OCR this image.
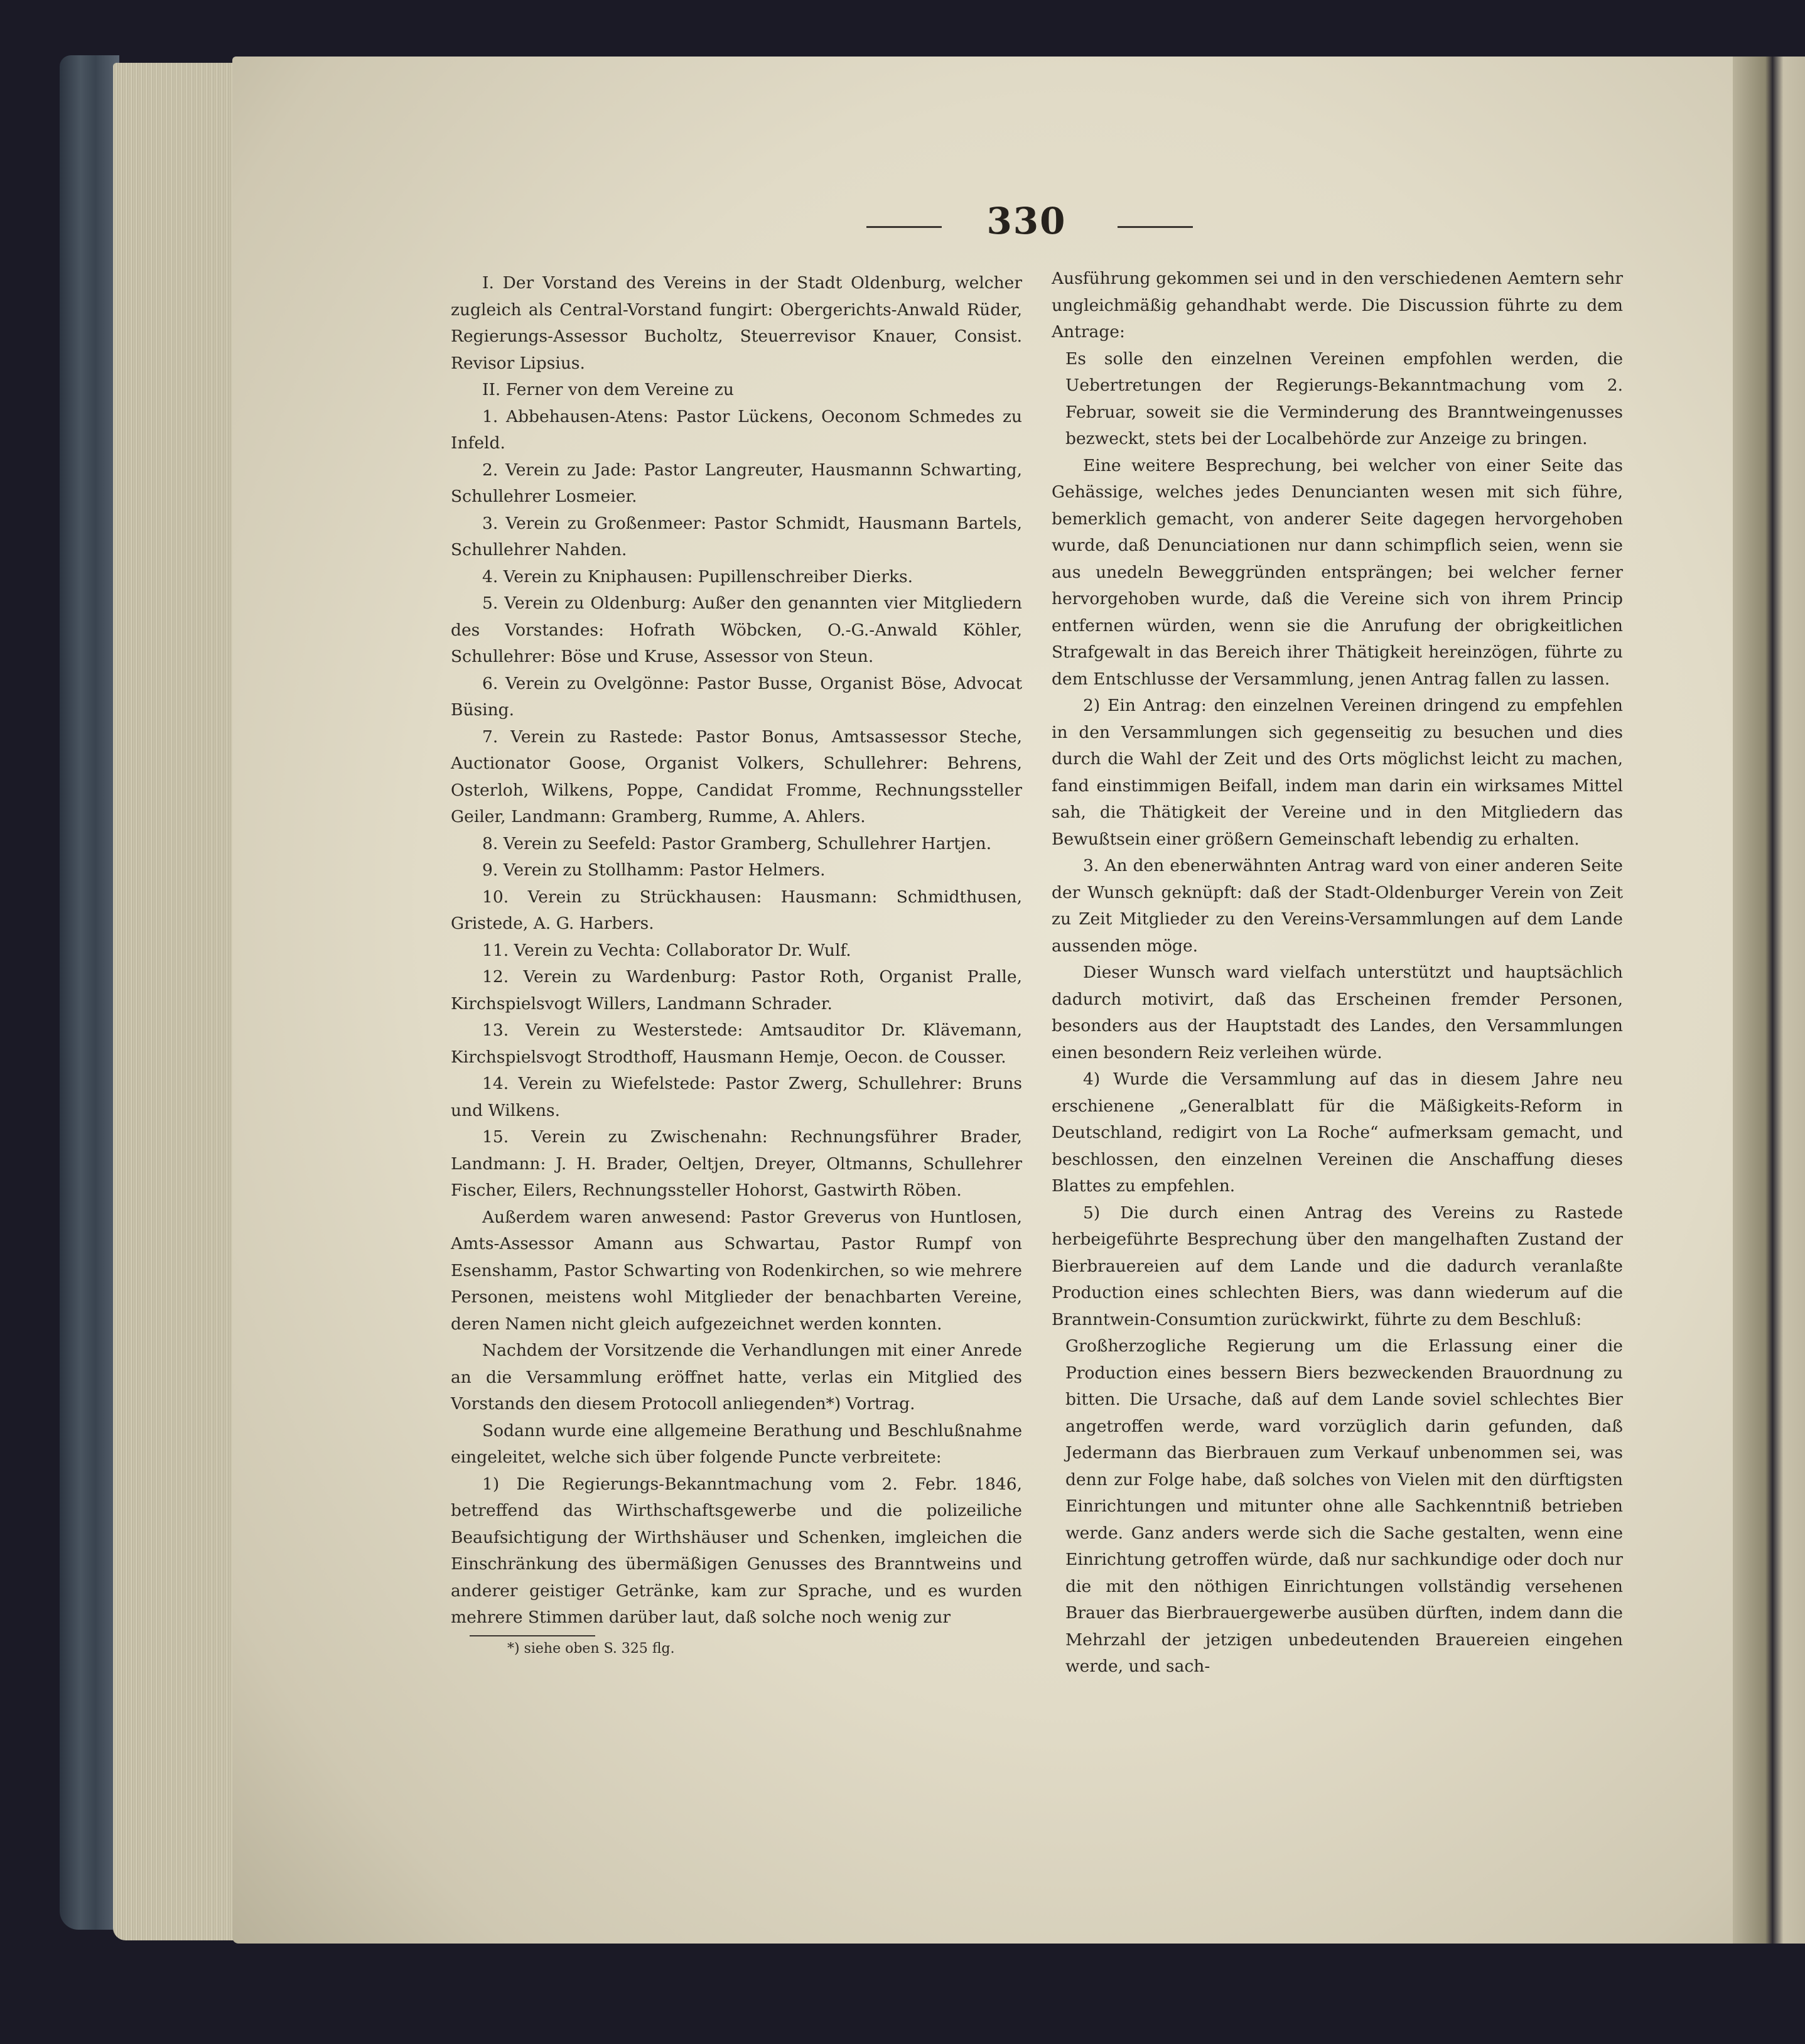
330

I. Der Vorstand des Vereins in der Stadt Oldenburg, welcher zugleich als Central-Vorstand fungirt: Obergerichts-Anwald Rüder, Regierungs-Assessor Bucholtz, Steuerrevisor Knauer, Consist. Revisor Lipsius.

II. Ferner von dem Vereine zu

1. Abbehausen-Atens: Pastor Lückens, Oeconom Schmedes zu Infeld.

2. Verein zu Jade: Pastor Langreuter, Hausmannn Schwarting, Schullehrer Losmeier.

3. Verein zu Großenmeer: Pastor Schmidt, Hausmann Bartels, Schullehrer Nahden.

4. Verein zu Kniphausen: Pupillenschreiber Dierks.

5. Verein zu Oldenburg: Außer den genannten vier Mitgliedern des Vorstandes: Hofrath Wöbcken, O.-G.-Anwald Köhler, Schullehrer: Böse und Kruse, Assessor von Steun.

6. Verein zu Ovelgönne: Pastor Busse, Organist Böse, Advocat Büsing.

7. Verein zu Rastede: Pastor Bonus, Amtsassessor Steche, Auctionator Goose, Organist Volkers, Schullehrer: Behrens, Osterloh, Wilkens, Poppe, Candidat Fromme, Rechnungssteller Geiler, Landmann: Gramberg, Rumme, A. Ahlers.

8. Verein zu Seefeld: Pastor Gramberg, Schullehrer Hartjen.

9. Verein zu Stollhamm: Pastor Helmers.

10. Verein zu Strückhausen: Hausmann: Schmidthusen, Gristede, A. G. Harbers.

11. Verein zu Vechta: Collaborator Dr. Wulf.

12. Verein zu Wardenburg: Pastor Roth, Organist Pralle, Kirchspielsvogt Willers, Landmann Schrader.

13. Verein zu Westerstede: Amtsauditor Dr. Klävemann, Kirchspielsvogt Strodthoff, Hausmann Hemje, Oecon. de Cousser.

14. Verein zu Wiefelstede: Pastor Zwerg, Schullehrer: Bruns und Wilkens.

15. Verein zu Zwischenahn: Rechnungsführer Brader, Landmann: J. H. Brader, Oeltjen, Dreyer, Oltmanns, Schullehrer Fischer, Eilers, Rechnungssteller Hohorst, Gastwirth Röben.

Außerdem waren anwesend: Pastor Greverus von Huntlosen, Amts-Assessor Amann aus Schwartau, Pastor Rumpf von Esenshamm, Pastor Schwarting von Rodenkirchen, so wie mehrere Personen, meistens wohl Mitglieder der benachbarten Vereine, deren Namen nicht gleich aufgezeichnet werden konnten.

Nachdem der Vorsitzende die Verhandlungen mit einer Anrede an die Versammlung eröffnet hatte, verlas ein Mitglied des Vorstands den diesem Protocoll anliegenden*) Vortrag.

Sodann wurde eine allgemeine Berathung und Beschlußnahme eingeleitet, welche sich über folgende Puncte verbreitete:

1) Die Regierungs-Bekanntmachung vom 2. Febr. 1846, betreffend das Wirthschaftsgewerbe und die polizeiliche Beaufsichtigung der Wirthshäuser und Schenken, imgleichen die Einschränkung des übermäßigen Genusses des Branntweins und anderer geistiger Getränke, kam zur Sprache, und es wurden mehrere Stimmen darüber laut, daß solche noch wenig zur

*) siehe oben S. 325 flg.

Ausführung gekommen sei und in den verschiedenen Aemtern sehr ungleichmäßig gehandhabt werde. Die Discussion führte zu dem Antrage:

Es solle den einzelnen Vereinen empfohlen werden, die Uebertretungen der Regierungs-Bekanntmachung vom 2. Februar, soweit sie die Verminderung des Branntweingenusses bezweckt, stets bei der Localbehörde zur Anzeige zu bringen.

Eine weitere Besprechung, bei welcher von einer Seite das Gehässige, welches jedes Denuncianten wesen mit sich führe, bemerklich gemacht, von anderer Seite dagegen hervorgehoben wurde, daß Denunciationen nur dann schimpflich seien, wenn sie aus unedeln Beweggründen entsprängen; bei welcher ferner hervorgehoben wurde, daß die Vereine sich von ihrem Princip entfernen würden, wenn sie die Anrufung der obrigkeitlichen Strafgewalt in das Bereich ihrer Thätigkeit hereinzögen, führte zu dem Entschlusse der Versammlung, jenen Antrag fallen zu lassen.

2) Ein Antrag: den einzelnen Vereinen dringend zu empfehlen in den Versammlungen sich gegenseitig zu besuchen und dies durch die Wahl der Zeit und des Orts möglichst leicht zu machen, fand einstimmigen Beifall, indem man darin ein wirksames Mittel sah, die Thätigkeit der Vereine und in den Mitgliedern das Bewußtsein einer größern Gemeinschaft lebendig zu erhalten.

3. An den ebenerwähnten Antrag ward von einer anderen Seite der Wunsch geknüpft: daß der Stadt-Oldenburger Verein von Zeit zu Zeit Mitglieder zu den Vereins-Versammlungen auf dem Lande aussenden möge.

Dieser Wunsch ward vielfach unterstützt und hauptsächlich dadurch motivirt, daß das Erscheinen fremder Personen, besonders aus der Hauptstadt des Landes, den Versammlungen einen besondern Reiz verleihen würde.

4) Wurde die Versammlung auf das in diesem Jahre neu erschienene „Generalblatt für die Mäßigkeits-Reform in Deutschland, redigirt von La Roche“ aufmerksam gemacht, und beschlossen, den einzelnen Vereinen die Anschaffung dieses Blattes zu empfehlen.

5) Die durch einen Antrag des Vereins zu Rastede herbeigeführte Besprechung über den mangelhaften Zustand der Bierbrauereien auf dem Lande und die dadurch veranlaßte Production eines schlechten Biers, was dann wiederum auf die Branntwein-Consumtion zurückwirkt, führte zu dem Beschluß:

Großherzogliche Regierung um die Erlassung einer die Production eines bessern Biers bezweckenden Brauordnung zu bitten. Die Ursache, daß auf dem Lande soviel schlechtes Bier angetroffen werde, ward vorzüglich darin gefunden, daß Jedermann das Bierbrauen zum Verkauf unbenommen sei, was denn zur Folge habe, daß solches von Vielen mit den dürftigsten Einrichtungen und mitunter ohne alle Sachkenntniß betrieben werde. Ganz anders werde sich die Sache gestalten, wenn eine Einrichtung getroffen würde, daß nur sachkundige oder doch nur die mit den nöthigen Einrichtungen vollständig versehenen Brauer das Bierbrauergewerbe ausüben dürften, indem dann die Mehrzahl der jetzigen unbedeutenden Brauereien eingehen werde, und sach-
